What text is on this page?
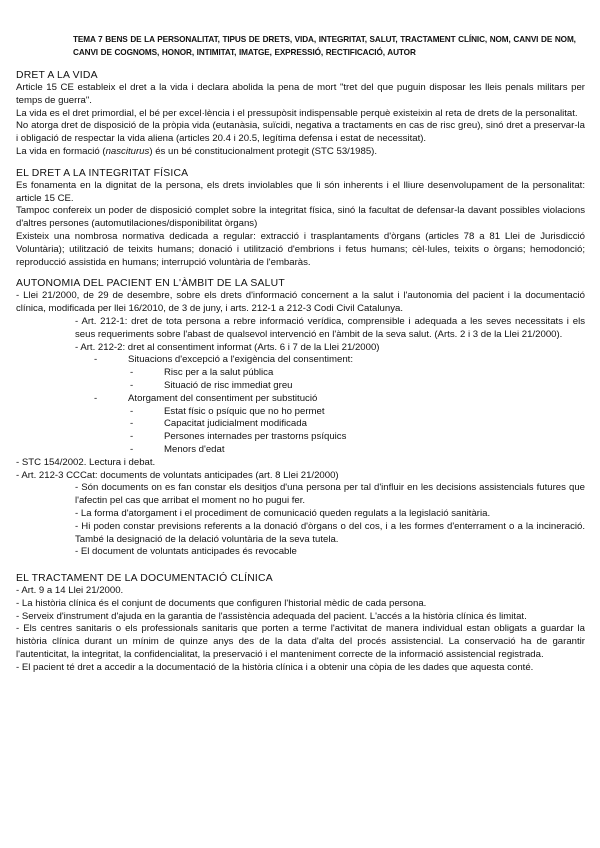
TEMA 7 BENS DE LA PERSONALITAT, TIPUS DE DRETS, VIDA, INTEGRITAT, SALUT, TRACTAMENT CLÍNIC, NOM, CANVI DE NOM, CANVI DE COGNOMS, HONOR, INTIMITAT, IMATGE, EXPRESSIÓ, RECTIFICACIÓ, AUTOR
DRET A LA VIDA

Article 15 CE estableix el dret a la vida i declara abolida la pena de mort "tret del que puguin disposar les lleis penals militars per temps de guerra".

La vida es el dret primordial, el bé per excel·lència i el pressupòsit indispensable perquè existeixin al reta de drets de la personalitat.

No atorga dret de disposició de la pròpia vida (eutanàsia, suïcidi, negativa a tractaments en cas de risc greu), sinó dret a preservar-la i obligació de respectar la vida aliena (articles 20.4 i 20.5, legítima defensa i estat de necessitat).

La vida en formació (nasciturus) és un bé constitucionalment protegit (STC 53/1985).

EL DRET A LA INTEGRITAT FÍSICA

Es fonamenta en la dignitat de la persona, els drets inviolables que li són inherents i el lliure desenvolupament de la personalitat: article 15 CE.

Tampoc confereix un poder de disposició complet sobre la integritat física, sinó la facultat de defensar-la davant possibles violacions d'altres persones (automutilaciones/disponibilitat òrgans)

Existeix una nombrosa normativa dedicada a regular: extracció i trasplantaments d'òrgans (articles 78 a 81 Llei de Jurisdicció Voluntària); utilització de teixits humans; donació i utilització d'embrions i fetus humans; cèl·lules, teixits o òrgans; hemodonció; reproducció assistida en humans; interrupció voluntària de l'embaràs.

AUTONOMIA DEL PACIENT EN L'ÀMBIT DE LA SALUT

- Llei 21/2000, de 29 de desembre, sobre els drets d'informació concernent a la salut i l'autonomia del pacient i la documentació clínica, modificada per llei 16/2010, de 3 de juny, i arts. 212-1 a 212-3 Codi Civil Catalunya.

- Art. 212-1: dret de tota persona a rebre informació verídica, comprensible i adequada a les seves necessitats i els seus requeriments sobre l'abast de qualsevol intervenció en l'àmbit de la seva salut. (Arts. 2 i 3 de la Llei 21/2000).

- Art. 212-2: dret al consentiment informat (Arts. 6 i 7 de la Llei 21/2000)

-	Situacions d'excepció a l'exigència del consentiment:
-	Risc per a la salut pública
-	Situació de risc immediat greu
-	Atorgament del consentiment per substitució
-	Estat físic o psíquic que no ho permet
-	Capacitat judicialment modificada
-	Persones internades per trastorns psíquics
-	Menors d'edat

- STC 154/2002. Lectura i debat.

- Art. 212-3 CCCat: documents de voluntats anticipades (art. 8 Llei 21/2000)

- Són documents on es fan constar els desitjos d'una persona per tal d'influir en les decisions assistencials futures que l'afectin pel cas que arribat el moment no ho pugui fer.

- La forma d'atorgament i el procediment de comunicació queden regulats a la legislació sanitària.

- Hi poden constar previsions referents a la donació d'òrgans o del cos, i a les formes d'enterrament o a la incineració. També la designació de la delació voluntària de la seva tutela.

- El document de voluntats anticipades és revocable

EL TRACTAMENT DE LA DOCUMENTACIÓ CLÍNICA

- Art. 9 a 14 Llei 21/2000.

- La història clínica és el conjunt de documents que configuren l'historial mèdic de cada persona.

- Serveix d'instrument d'ajuda en la garantia de l'assistència adequada del pacient. L'accés a la història clínica és limitat.

- Els centres sanitaris o els professionals sanitaris que porten a terme l'activitat de manera individual estan obligats a guardar la història clínica durant un mínim de quinze anys des de la data d'alta del procés assistencial. La conservació ha de garantir l'autenticitat, la integritat, la confidencialitat, la preservació i el manteniment correcte de la informació assistencial registrada.

- El pacient té dret a accedir a la documentació de la història clínica i a obtenir una còpia de les dades que aquesta conté.
